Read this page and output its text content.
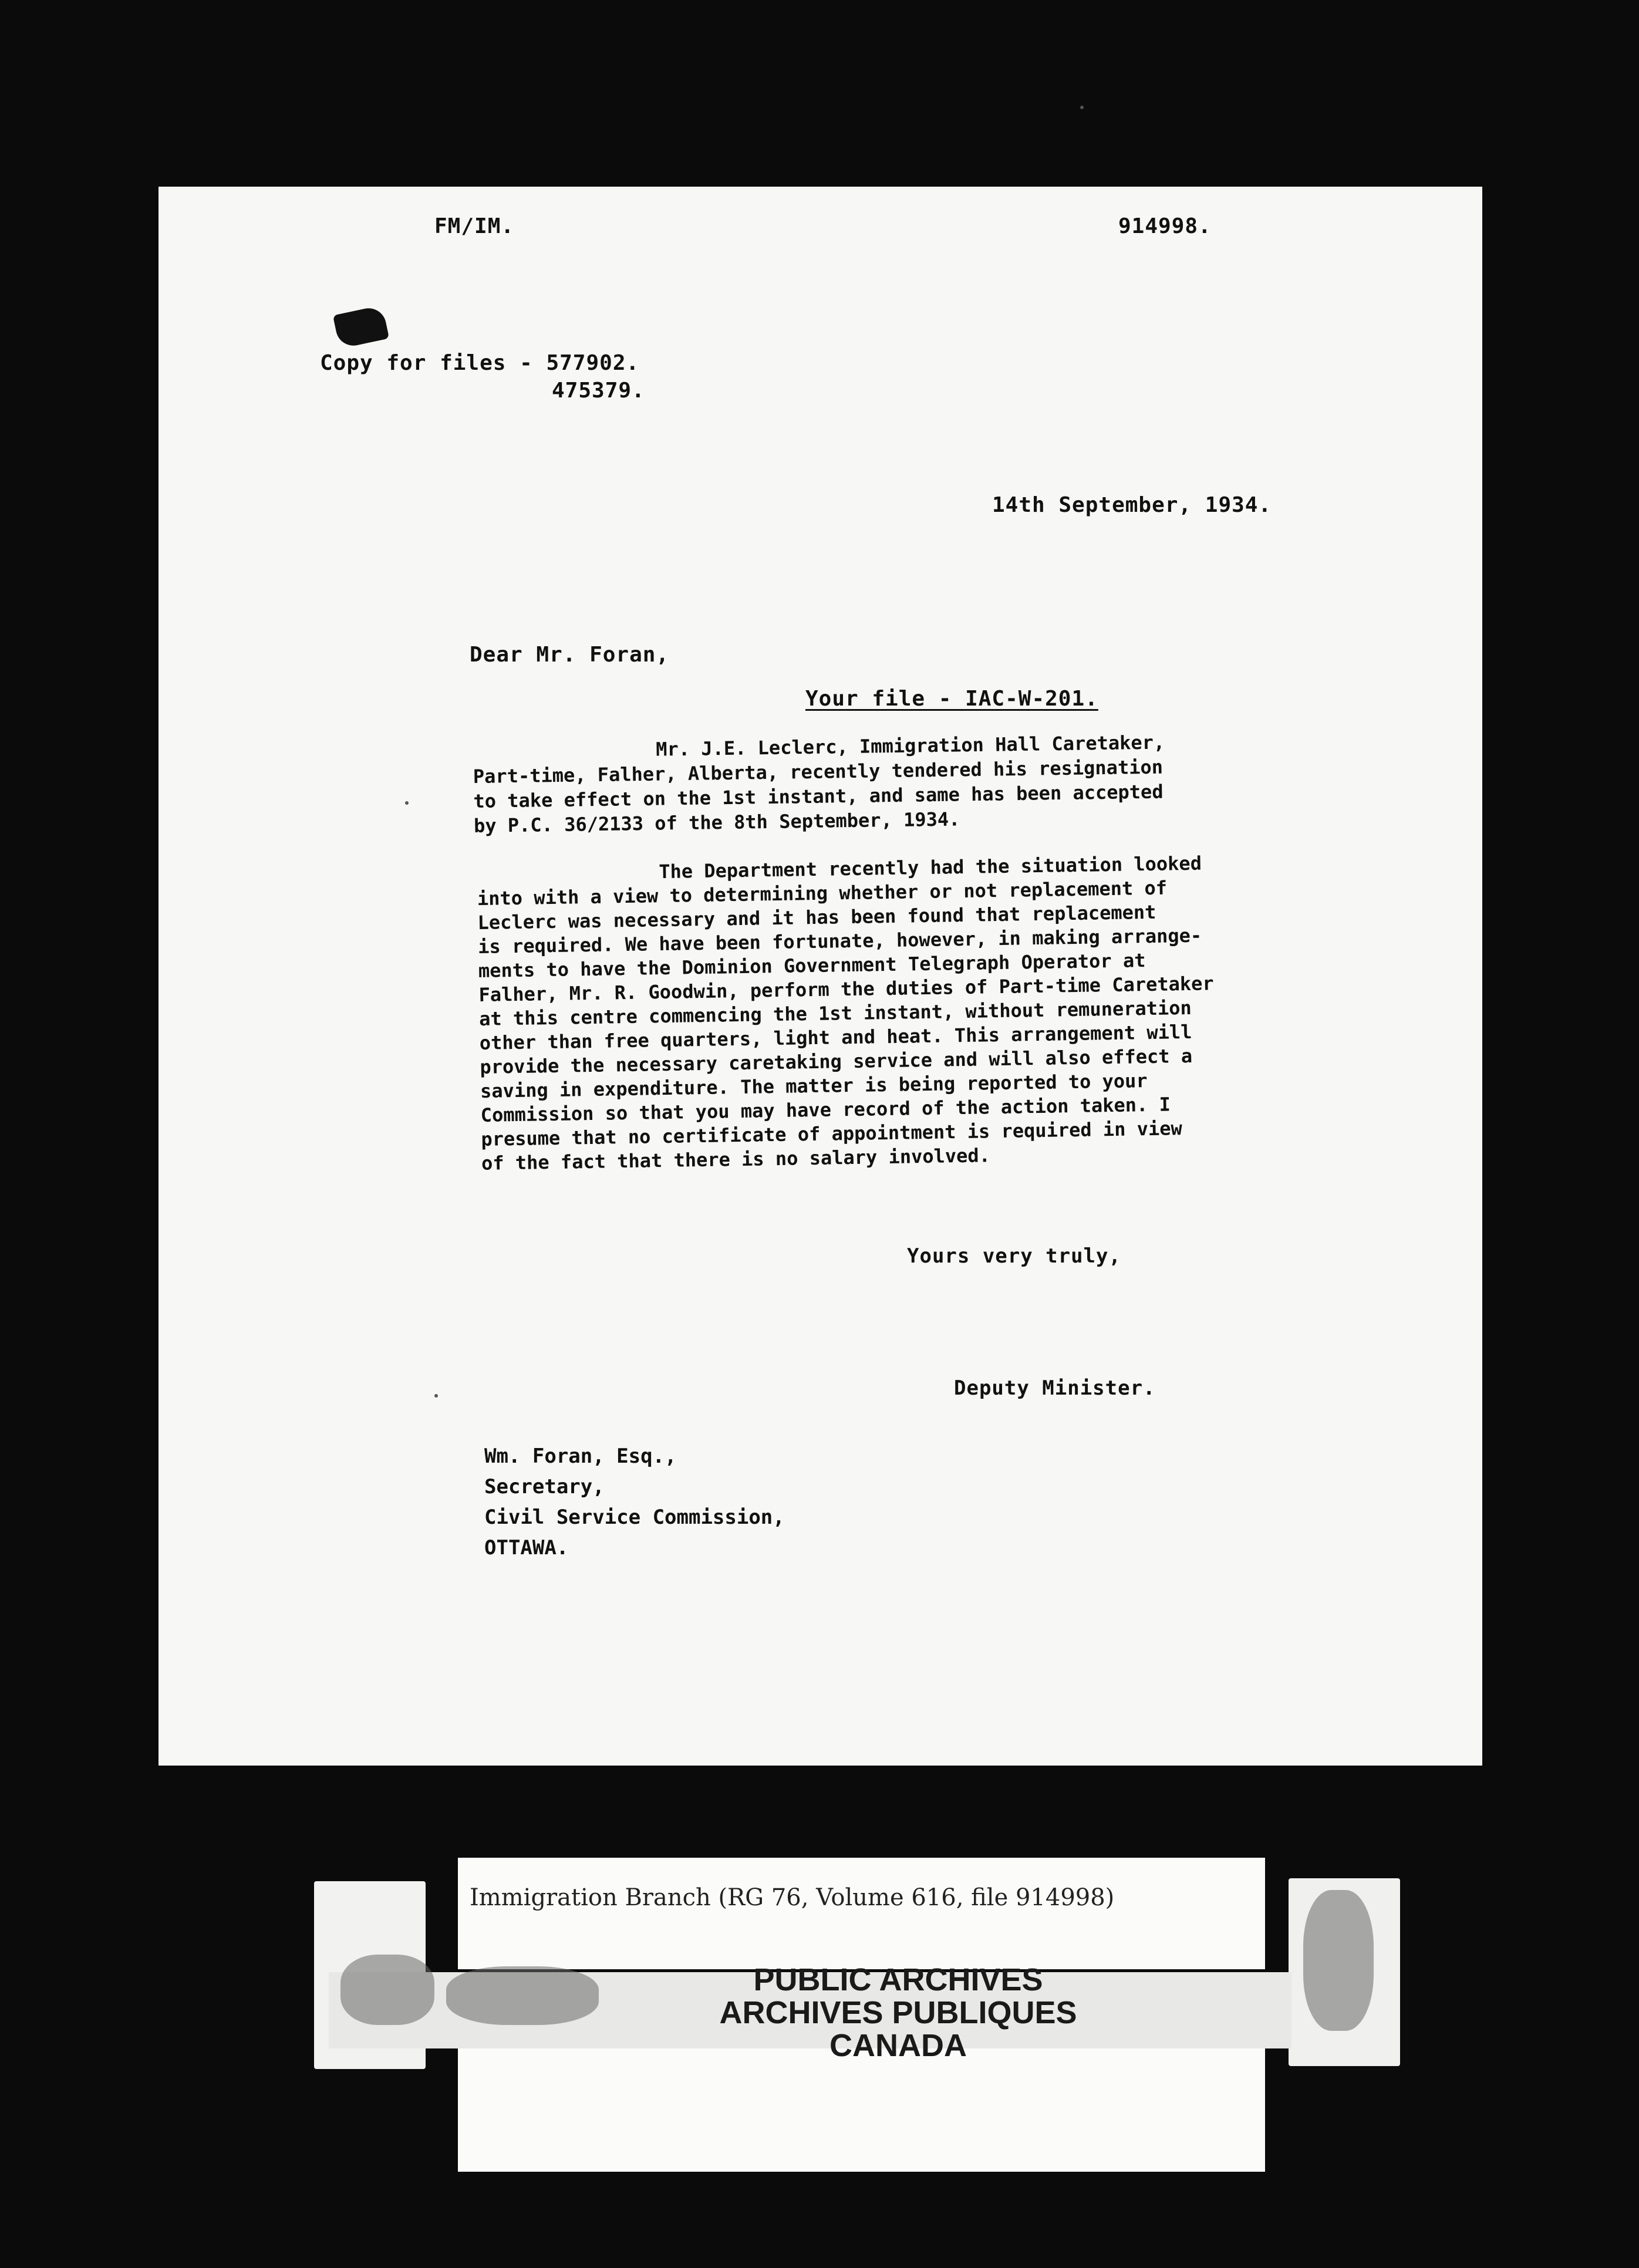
FM/IM.	914998.
Copy for files - 577902.
475379.
14th September, 1934.
Dear Mr. Foran,
Your file - IAC-W-201.
Mr. J.E. Leclerc, Immigration Hall Caretaker,
Part-time, Falher, Alberta, recently tendered his resignation
to take effect on the 1st instant, and same has been accepted
by P.C. 36/2133 of the 8th September, 1934.
The Department recently had the situation looked
into with a view to determining whether or not replacement of
Leclerc was necessary and it has been found that replacement
is required. We have been fortunate, however, in making arrange-
ments to have the Dominion Government Telegraph Operator at
Falher, Mr. R. Goodwin, perform the duties of Part-time Caretaker
at this centre commencing the 1st instant, without remuneration
other than free quarters, light and heat. This arrangement will
provide the necessary caretaking service and will also effect a
saving in expenditure. The matter is being reported to your
Commission so that you may have record of the action taken. I
presume that no certificate of appointment is required in view
of the fact that there is no salary involved.
Yours very truly,
Deputy Minister.
Wm. Foran, Esq.,
Secretary,
Civil Service Commission,
OTTAWA.
Immigration Branch (RG 76, Volume 616, file 914998)
PUBLIC ARCHIVES
ARCHIVES PUBLIQUES
CANADA
